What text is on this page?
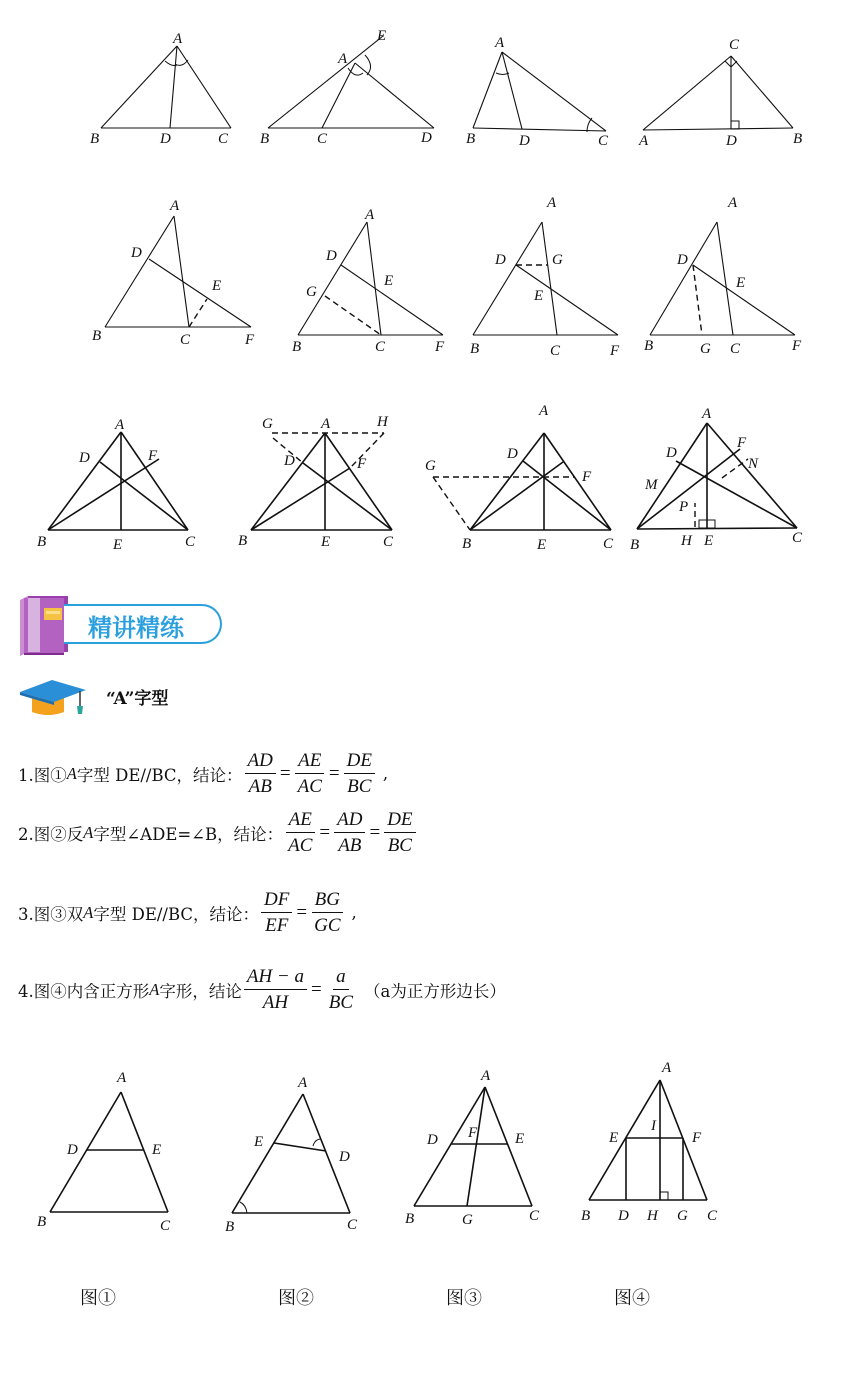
A
B	D	C
A
E
B	C	D
A
B	D	C
C
A	D	B
A
D
E
B	C	F
A
D
E
G
B	C	F
A
D	G
E
B	C	F
A
D
E
B	G C	F
A
D	F
B	E	C
G	A	H
D	F
B	E	C
A
D
F
G
B	E	C
A
D
F
N
M
P
B	H E	C
A
D	E
B	C
A
E
D
B	C
A
D F	E
B	G	C
A
I
E	F
B D H G C
精讲精练
“A”字型
1.图① A 字型 DE//BC，结论： $\frac{AD}{AB} = \frac{AE}{AC} = \frac{DE}{BC}$ ,
2.图②反 A 字型∠ADE=∠B，结论： $\frac{AE}{AC} = \frac{AD}{AB} = \frac{DE}{BC}$
3.图③双 A 字型 DE//BC，结论： $\frac{DF}{EF} = \frac{BG}{GC}$ ,
4.图④内含正方形 A 字形，结论 $\frac{AH - a}{AH} = \frac{a}{BC} (a$为正方形边长）
图①	图②	图③	图④
